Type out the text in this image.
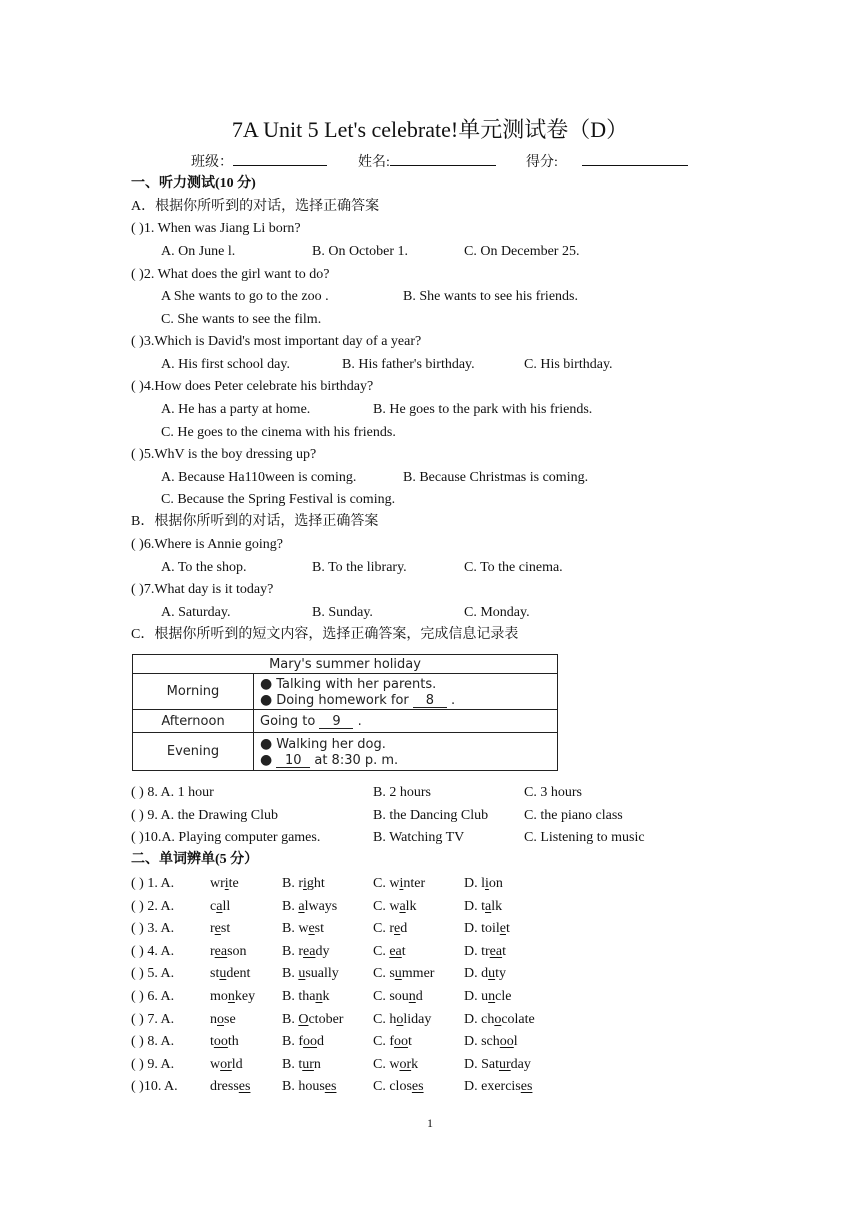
7A Unit 5 Let's celebrate!单元测试卷（D）
班级：	姓名:	得分:
一、听力测试(10 分)
A．根据你所听到的对话，选择正确答案
( )1. When was Jiang Li born?
A. On June l.	B. On October 1.	C. On December 25.
( )2. What does the girl want to do?
A She wants to go to the zoo .	B. She wants to see his friends.
C. She wants to see the film.
( )3.Which is David's most important day of a year?
A. His first school day.	B. His father's birthday.	C. His birthday.
( )4.How does Peter celebrate his birthday?
A. He has a party at home.	B. He goes to the park with his friends.
C. He goes to the cinema with his friends.
( )5.WhV is the boy dressing up?
A. Because Ha110ween is coming.	B. Because Christmas is coming.
C. Because the Spring Festival is coming.
B．根据你所听到的对话，选择正确答案
( )6.Where is Annie going?
A. To the shop.	B. To the library.	C. To the cinema.
( )7.What day is it today?
A. Saturday.	B. Sunday.	C. Monday.
C．根据你所听到的短文内容，选择正确答案，完成信息记录表
Mary's summer holiday	
Morning	● Talking with her parents.
● Doing homework for 8 .

Afternoon	Going to 9 .
Evening	● Walking her dog.
● 10 at 8:30 p. m.
( ) 8. A. 1 hour	B. 2 hours	C. 3 hours
( ) 9. A. the Drawing Club	B. the Dancing Club	C. the piano class
( )10.A. Playing computer games.	B. Watching TV	C. Listening to music
二、单词辨单(5 分）
( ) 1. A.	write	B. right	C. winter	D. lion
( ) 2. A.	call	B. always	C. walk	D. talk
( ) 3. A.	rest	B. west	C. red	D. toilet
( ) 4. A.	reason	B. ready	C. eat	D. treat
( ) 5. A.	student B. usually C. summer D. duty
( ) 6. A.	monkey B. thank	C. sound	D. uncle
( ) 7. A.	nose	B. October C. holiday D. chocolate
( ) 8. A.	tooth	B. food	C. foot	D. school
( ) 9. A.	world	B. turn	C. work	D. Saturday
( )10. A. dresses B. houses	C. closes	D. exercises
1
